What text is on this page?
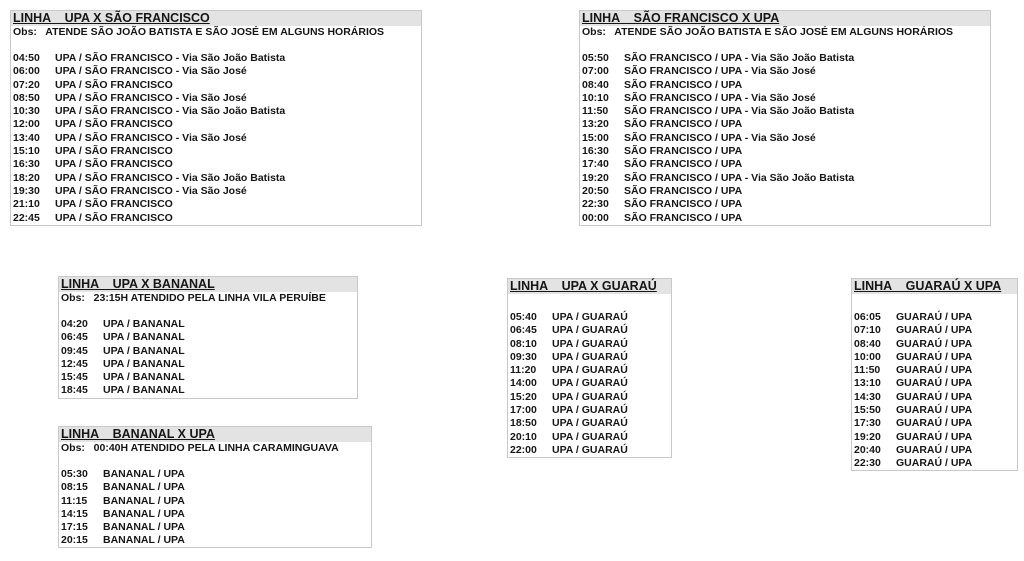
LINHA    UPA X SÃO FRANCISCO
Obs:   ATENDE SÃO JOÃO BATISTA E SÃO JOSÉ EM ALGUNS HORÁRIOS
04:50	UPA / SÃO FRANCISCO - Via São João Batista
06:00	UPA / SÃO FRANCISCO - Via São José
07:20	UPA / SÃO FRANCISCO
08:50	UPA / SÃO FRANCISCO - Via São José
10:30	UPA / SÃO FRANCISCO - Via São João Batista
12:00	UPA / SÃO FRANCISCO
13:40	UPA / SÃO FRANCISCO - Via São José
15:10	UPA / SÃO FRANCISCO
16:30	UPA / SÃO FRANCISCO
18:20	UPA / SÃO FRANCISCO - Via São João Batista
19:30	UPA / SÃO FRANCISCO - Via São José
21:10	UPA / SÃO FRANCISCO
22:45	UPA / SÃO FRANCISCO
LINHA    SÃO FRANCISCO X UPA
Obs:   ATENDE SÃO JOÃO BATISTA E SÃO JOSÉ EM ALGUNS HORÁRIOS
05:50	SÃO FRANCISCO / UPA - Via São João Batista
07:00	SÃO FRANCISCO / UPA - Via São José
08:40	SÃO FRANCISCO / UPA
10:10	SÃO FRANCISCO / UPA - Via São José
11:50	SÃO FRANCISCO / UPA - Via São João Batista
13:20	SÃO FRANCISCO / UPA
15:00	SÃO FRANCISCO / UPA - Via São José
16:30	SÃO FRANCISCO / UPA
17:40	SÃO FRANCISCO / UPA
19:20	SÃO FRANCISCO / UPA - Via São João Batista
20:50	SÃO FRANCISCO / UPA
22:30	SÃO FRANCISCO / UPA
00:00	SÃO FRANCISCO / UPA
LINHA    UPA X BANANAL
Obs:   23:15H ATENDIDO PELA LINHA VILA PERUÍBE
04:20	UPA / BANANAL
06:45	UPA / BANANAL
09:45	UPA / BANANAL
12:45	UPA / BANANAL
15:45	UPA / BANANAL
18:45	UPA / BANANAL
LINHA    BANANAL X UPA
Obs:   00:40H ATENDIDO PELA LINHA CARAMINGUAVA
05:30	BANANAL / UPA
08:15	BANANAL / UPA
11:15	BANANAL / UPA
14:15	BANANAL / UPA
17:15	BANANAL / UPA
20:15	BANANAL / UPA
LINHA    UPA X GUARAÚ
05:40	UPA / GUARAÚ
06:45	UPA / GUARAÚ
08:10	UPA / GUARAÚ
09:30	UPA / GUARAÚ
11:20	UPA / GUARAÚ
14:00	UPA / GUARAÚ
15:20	UPA / GUARAÚ
17:00	UPA / GUARAÚ
18:50	UPA / GUARAÚ
20:10	UPA / GUARAÚ
22:00	UPA / GUARAÚ
LINHA    GUARAÚ X UPA
06:05	GUARAÚ / UPA
07:10	GUARAÚ / UPA
08:40	GUARAÚ / UPA
10:00	GUARAÚ / UPA
11:50	GUARAÚ / UPA
13:10	GUARAÚ / UPA
14:30	GUARAÚ / UPA
15:50	GUARAÚ / UPA
17:30	GUARAÚ / UPA
19:20	GUARAÚ / UPA
20:40	GUARAÚ / UPA
22:30	GUARAÚ / UPA
